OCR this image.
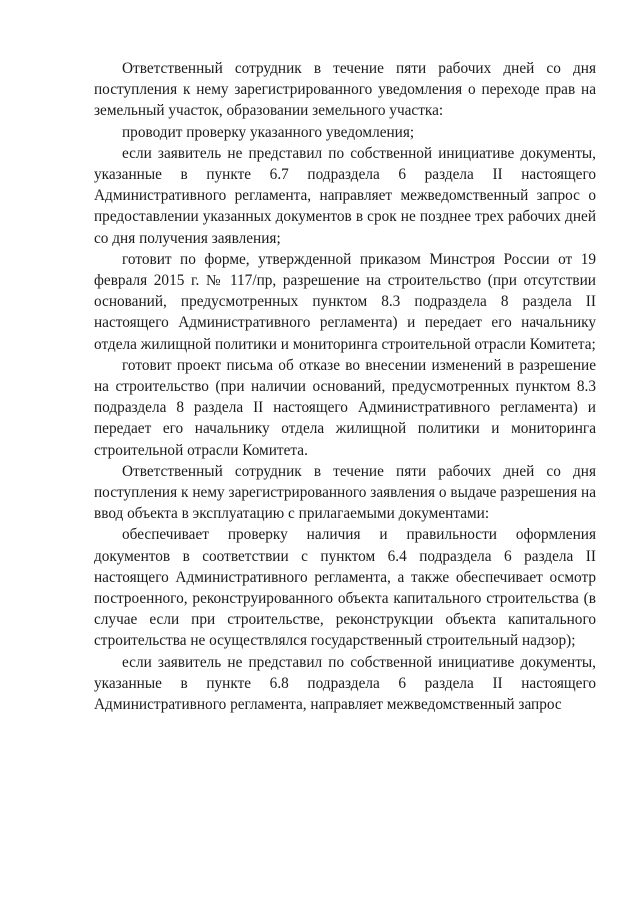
Ответственный сотрудник в течение пяти рабочих дней со дня поступления к нему зарегистрированного уведомления о переходе прав на земельный участок, образовании земельного участка:

проводит проверку указанного уведомления;

если заявитель не представил по собственной инициативе документы, указанные в пункте 6.7 подраздела 6 раздела II настоящего Административного регламента, направляет межведомственный запрос о предоставлении указанных документов в срок не позднее трех рабочих дней со дня получения заявления;

готовит по форме, утвержденной приказом Минстроя России от 19 февраля 2015 г. № 117/пр, разрешение на строительство (при отсутствии оснований, предусмотренных пунктом 8.3 подраздела 8 раздела II настоящего Административного регламента) и передает его начальнику отдела жилищной политики и мониторинга строительной отрасли Комитета;

готовит проект письма об отказе во внесении изменений в разрешение на строительство (при наличии оснований, предусмотренных пунктом 8.3 подраздела 8 раздела II настоящего Административного регламента) и передает его начальнику отдела жилищной политики и мониторинга строительной отрасли Комитета.

Ответственный сотрудник в течение пяти рабочих дней со дня поступления к нему зарегистрированного заявления о выдаче разрешения на ввод объекта в эксплуатацию с прилагаемыми документами:

обеспечивает проверку наличия и правильности оформления документов в соответствии с пунктом 6.4 подраздела 6 раздела II настоящего Административного регламента, а также обеспечивает осмотр построенного, реконструированного объекта капитального строительства (в случае если при строительстве, реконструкции объекта капитального строительства не осуществлялся государственный строительный надзор);

если заявитель не представил по собственной инициативе документы, указанные в пункте 6.8 подраздела 6 раздела II настоящего Административного регламента, направляет межведомственный запрос
